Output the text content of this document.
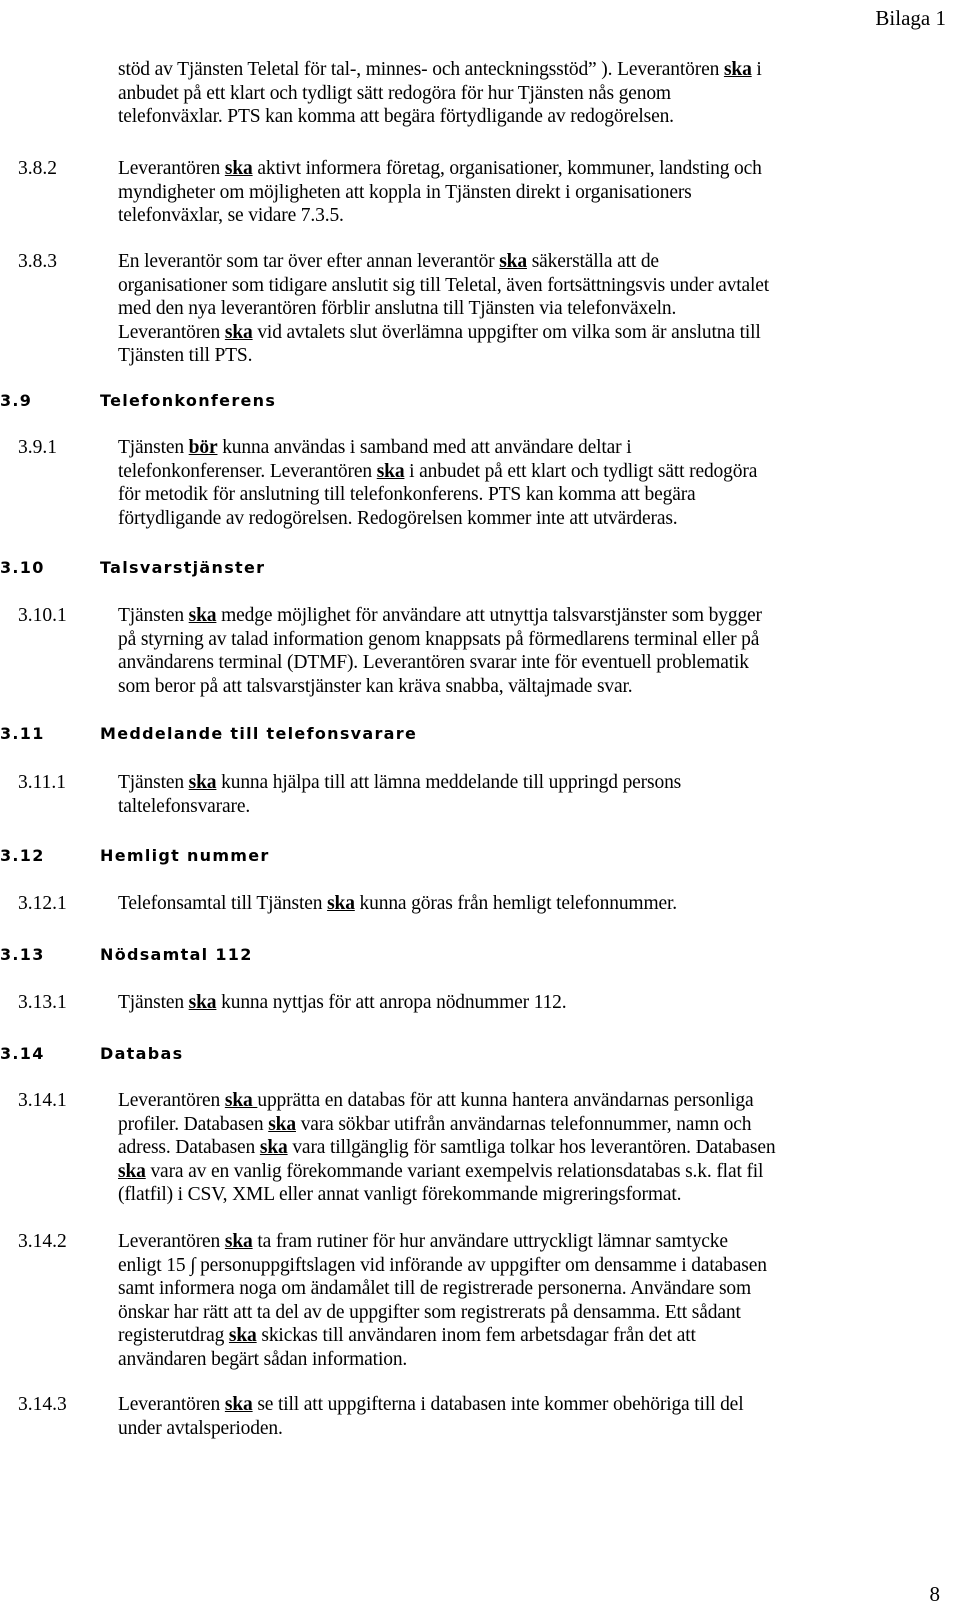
Bilaga 1
stöd av Tjänsten Teletal för tal-, minnes- och anteckningsstöd” ). Leverantören ska i
anbudet på ett klart och tydligt sätt redogöra för hur Tjänsten nås genom
telefonväxlar. PTS kan komma att begära förtydligande av redogörelsen.
3.8.2	Leverantören ska aktivt informera företag, organisationer, kommuner, landsting och
myndigheter om möjligheten att koppla in Tjänsten direkt i organisationers
telefonväxlar, se vidare 7.3.5.
3.8.3	En leverantör som tar över efter annan leverantör ska säkerställa att de
organisationer som tidigare anslutit sig till Teletal, även fortsättningsvis under avtalet
med den nya leverantören förblir anslutna till Tjänsten via telefonväxeln.
Leverantören ska vid avtalets slut överlämna uppgifter om vilka som är anslutna till
Tjänsten till PTS.
3.9	Telefonkonferens
3.9.1	Tjänsten bör kunna användas i samband med att användare deltar i
telefonkonferenser. Leverantören ska i anbudet på ett klart och tydligt sätt redogöra
för metodik för anslutning till telefonkonferens. PTS kan komma att begära
förtydligande av redogörelsen. Redogörelsen kommer inte att utvärderas.
3.10	Talsvarstjänster
3.10.1	Tjänsten ska medge möjlighet för användare att utnyttja talsvarstjänster som bygger
på styrning av talad information genom knappsats på förmedlarens terminal eller på
användarens terminal (DTMF). Leverantören svarar inte för eventuell problematik
som beror på att talsvarstjänster kan kräva snabba, vältajmade svar.
3.11	Meddelande till telefonsvarare
3.11.1	Tjänsten ska kunna hjälpa till att lämna meddelande till uppringd persons
taltelefonsvarare.
3.12	Hemligt nummer
3.12.1	Telefonsamtal till Tjänsten ska kunna göras från hemligt telefonnummer.
3.13	Nödsamtal 112
3.13.1	Tjänsten ska kunna nyttjas för att anropa nödnummer 112.
3.14	Databas
3.14.1	Leverantören ska upprätta en databas för att kunna hantera användarnas personliga
profiler. Databasen ska vara sökbar utifrån användarnas telefonnummer, namn och
adress. Databasen ska vara tillgänglig för samtliga tolkar hos leverantören. Databasen
ska vara av en vanlig förekommande variant exempelvis relationsdatabas s.k. flat fil
(flatfil) i CSV, XML eller annat vanligt förekommande migreringsformat.
3.14.2	Leverantören ska ta fram rutiner för hur användare uttryckligt lämnar samtycke
enligt 15 ∫ personuppgiftslagen vid införande av uppgifter om densamme i databasen
samt informera noga om ändamålet till de registrerade personerna. Användare som
önskar har rätt att ta del av de uppgifter som registrerats på densamma. Ett sådant
registerutdrag ska skickas till användaren inom fem arbetsdagar från det att
användaren begärt sådan information.
3.14.3	Leverantören ska se till att uppgifterna i databasen inte kommer obehöriga till del
under avtalsperioden.
8
